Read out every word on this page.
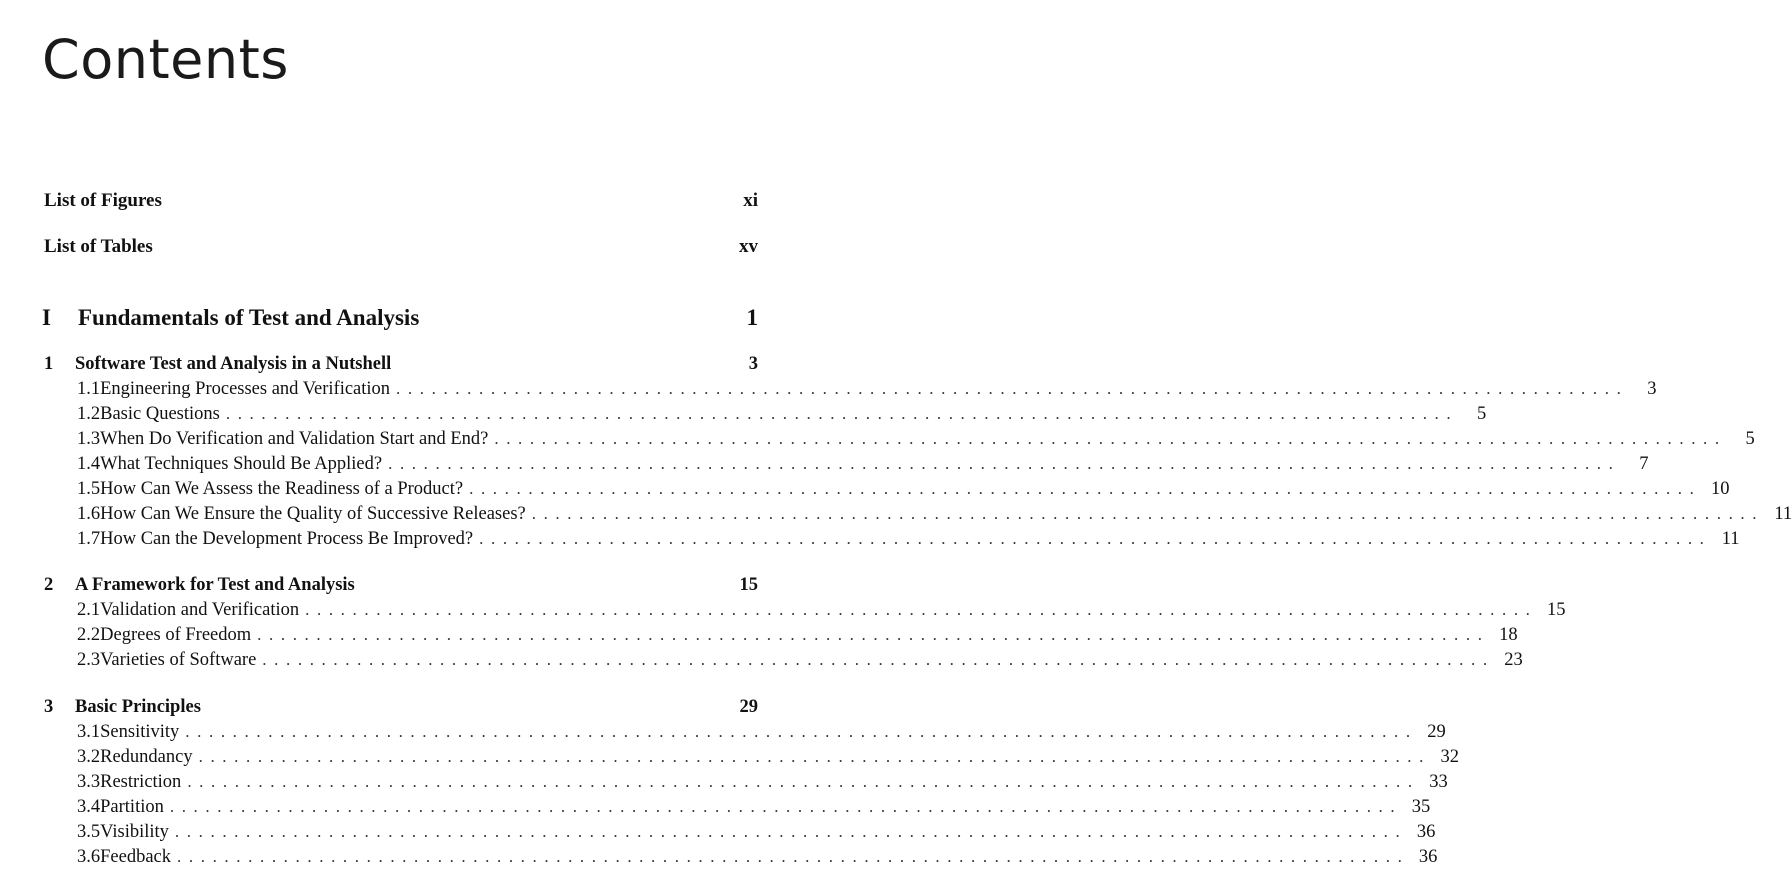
Contents
List of Figures	xi
List of Tables	xv
I	Fundamentals of Test and Analysis	1
1	Software Test and Analysis in a Nutshell	3
1.1 Engineering Processes and Verification ........................................................................................................	3
1.2 Basic Questions ........................................................................................................	5
1.3 When Do Verification and Validation Start and End? ........................................................................................................	5
1.4 What Techniques Should Be Applied? ........................................................................................................	7
1.5 How Can We Assess the Readiness of a Product? ........................................................................................................ 10
1.6 How Can We Ensure the Quality of Successive Releases? ........................................................................................................ 11
1.7 How Can the Development Process Be Improved? ........................................................................................................ 11
2	A Framework for Test and Analysis	15
2.1 Validation and Verification ........................................................................................................ 15
2.2 Degrees of Freedom ........................................................................................................ 18
2.3 Varieties of Software ........................................................................................................ 23
3	Basic Principles	29
3.1 Sensitivity ........................................................................................................ 29
3.2 Redundancy ........................................................................................................ 32
3.3 Restriction ........................................................................................................ 33
3.4 Partition ........................................................................................................ 35
3.5 Visibility ........................................................................................................ 36
3.6 Feedback ........................................................................................................ 36
